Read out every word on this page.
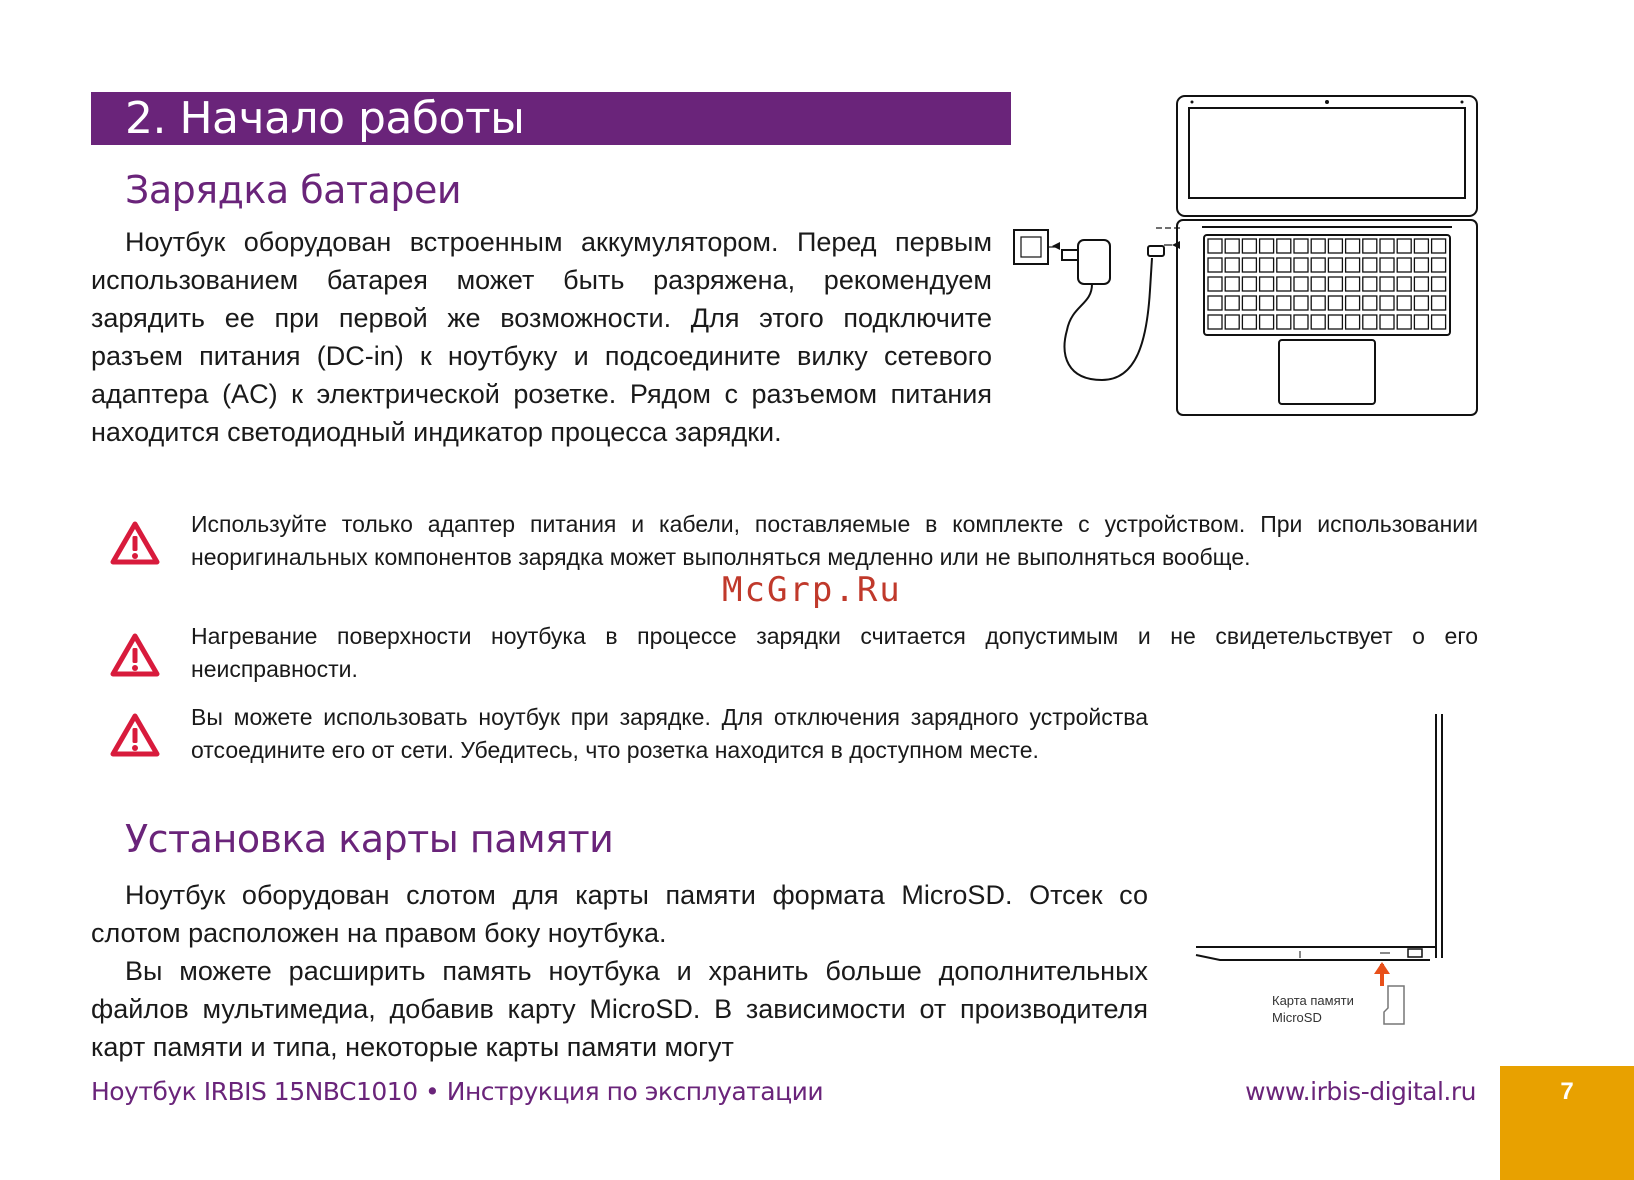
2. Начало работы
Зарядка батареи

Ноутбук оборудован встроенным аккумулятором. Перед первым использованием батарея может быть разряжена, рекомендуем зарядить ее при первой же возможности. Для этого подключите разъем питания (DC-in) к ноутбуку и подсоедините вилку сетевого адаптера (AC) к электрической розетке. Рядом с разъемом питания находится светодиодный индикатор процесса зарядки.

Используйте только адаптер питания и кабели, поставляемые в комплекте с устройством. При использовании неоригинальных компонентов зарядка может выполняться медленно или не выполняться вообще.

Нагревание поверхности ноутбука в процессе зарядки считается допустимым и не свидетельствует о его неисправности.

Вы можете использовать ноутбук при зарядке. Для отключения зарядного устройства отсоедините его от сети. Убедитесь, что розетка находится в доступном месте.

McGrp.Ru
Установка карты памяти

Ноутбук оборудован слотом для карты памяти формата MicroSD. Отсек со слотом расположен на правом боку ноутбука.

Вы можете расширить память ноутбука и хранить больше дополнительных файлов мультимедиа, добавив карту MicroSD. В зависимости от производителя карт памяти и типа, некоторые карты памяти могут

Карта памяти
MicroSD
Ноутбук IRBIS 15NBC1010 • Инструкция по эксплуатации	www.irbis-digital.ru	7
